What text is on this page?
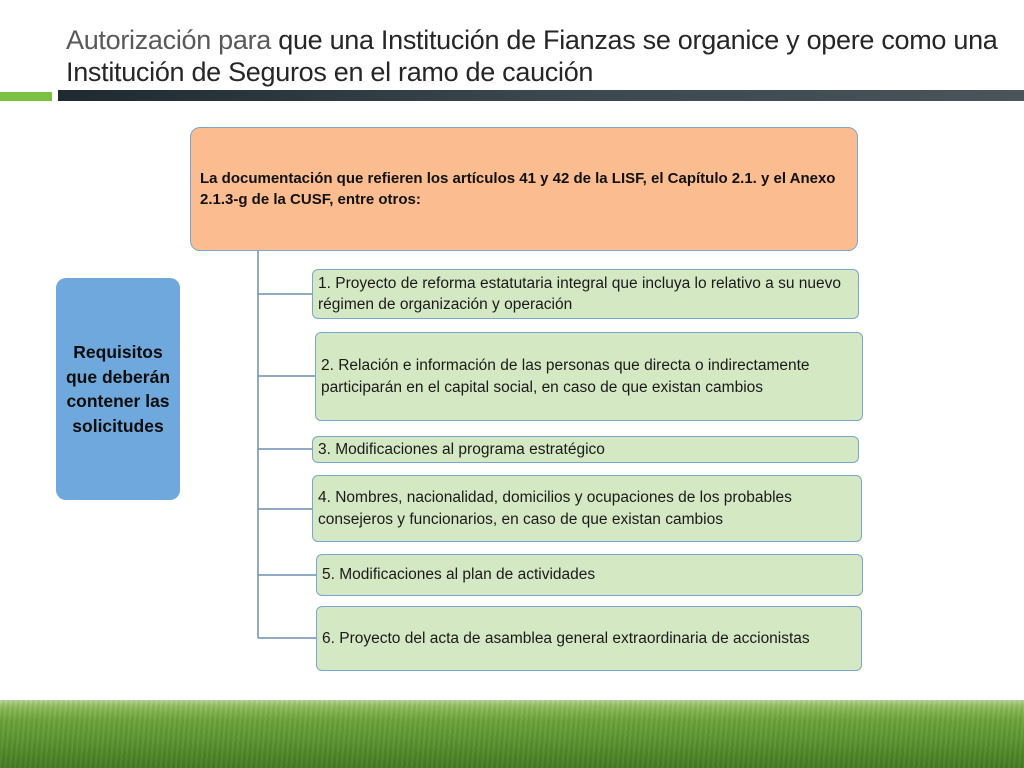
Autorización para que una Institución de Fianzas se organice y opere como una Institución de Seguros en el ramo de caución
Requisitos que deberán contener las solicitudes
La documentación que refieren los artículos 41 y 42 de la LISF, el Capítulo 2.1. y el Anexo 2.1.3-g de la CUSF, entre otros:
1. Proyecto de reforma estatutaria integral que incluya lo relativo a su nuevo régimen de organización y operación
2. Relación e información de las personas que directa o indirectamente participarán en el capital social, en caso de que existan cambios
3. Modificaciones al programa estratégico
4. Nombres, nacionalidad, domicilios y ocupaciones de los probables consejeros y funcionarios, en caso de que existan cambios
5. Modificaciones al plan de actividades
6. Proyecto del acta de asamblea general extraordinaria de accionistas
